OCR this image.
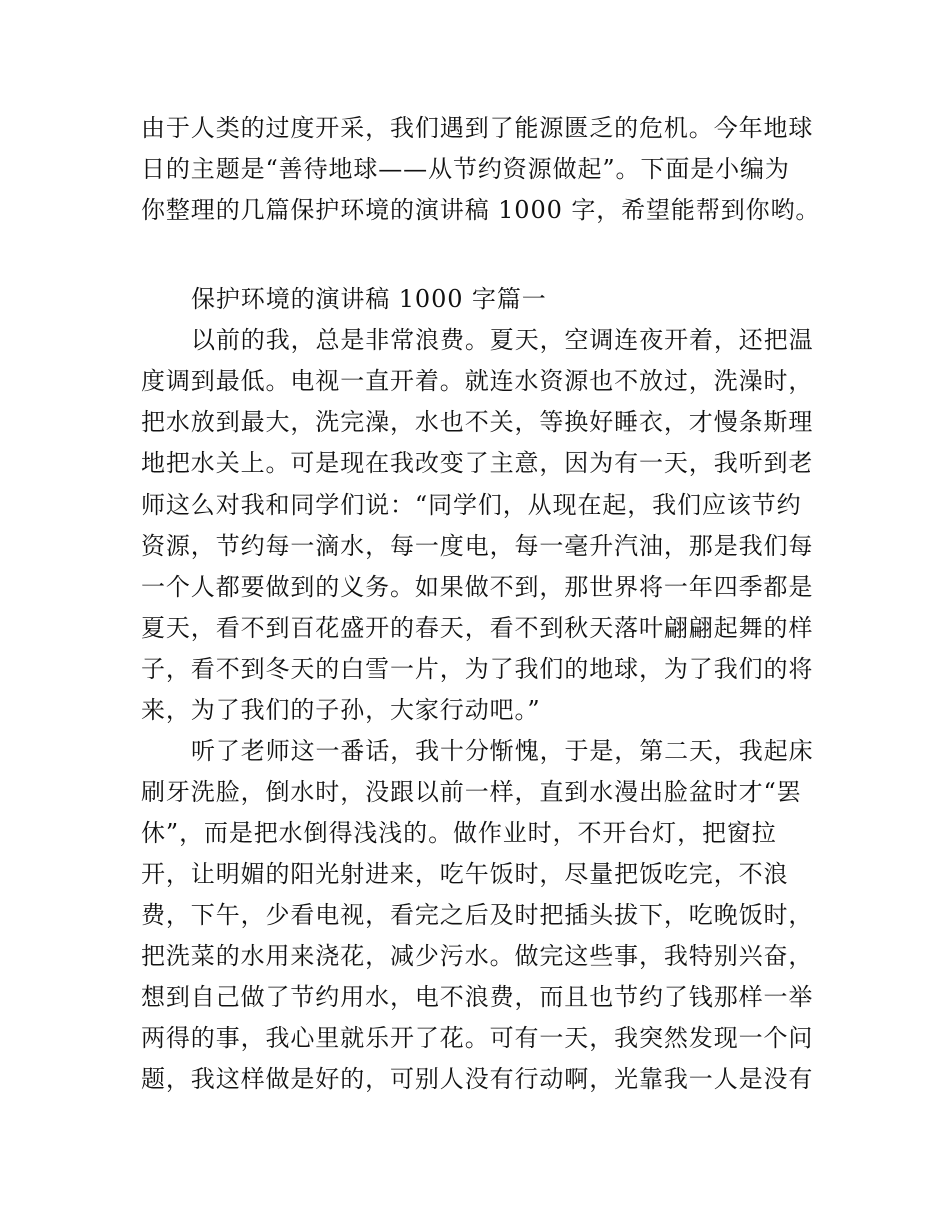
由于人类的过度开采，我们遇到了能源匮乏的危机。今年地球
日的主题是“善待地球——从节约资源做起”。下面是小编为
你整理的几篇保护环境的演讲稿 1000 字，希望能帮到你哟。
保护环境的演讲稿 1000 字篇一
以前的我，总是非常浪费。夏天，空调连夜开着，还把温
度调到最低。电视一直开着。就连水资源也不放过，洗澡时，
把水放到最大，洗完澡，水也不关，等换好睡衣，才慢条斯理
地把水关上。可是现在我改变了主意，因为有一天，我听到老
师这么对我和同学们说：“同学们，从现在起，我们应该节约
资源，节约每一滴水，每一度电，每一毫升汽油，那是我们每
一个人都要做到的义务。如果做不到，那世界将一年四季都是
夏天，看不到百花盛开的春天，看不到秋天落叶翩翩起舞的样
子，看不到冬天的白雪一片，为了我们的地球，为了我们的将
来，为了我们的子孙，大家行动吧。”
听了老师这一番话，我十分惭愧，于是，第二天，我起床
刷牙洗脸，倒水时，没跟以前一样，直到水漫出脸盆时才“罢
休”，而是把水倒得浅浅的。做作业时，不开台灯，把窗拉
开，让明媚的阳光射进来，吃午饭时，尽量把饭吃完，不浪
费，下午，少看电视，看完之后及时把插头拔下，吃晚饭时，
把洗菜的水用来浇花，减少污水。做完这些事，我特别兴奋，
想到自己做了节约用水，电不浪费，而且也节约了钱那样一举
两得的事，我心里就乐开了花。可有一天，我突然发现一个问
题，我这样做是好的，可别人没有行动啊，光靠我一人是没有
